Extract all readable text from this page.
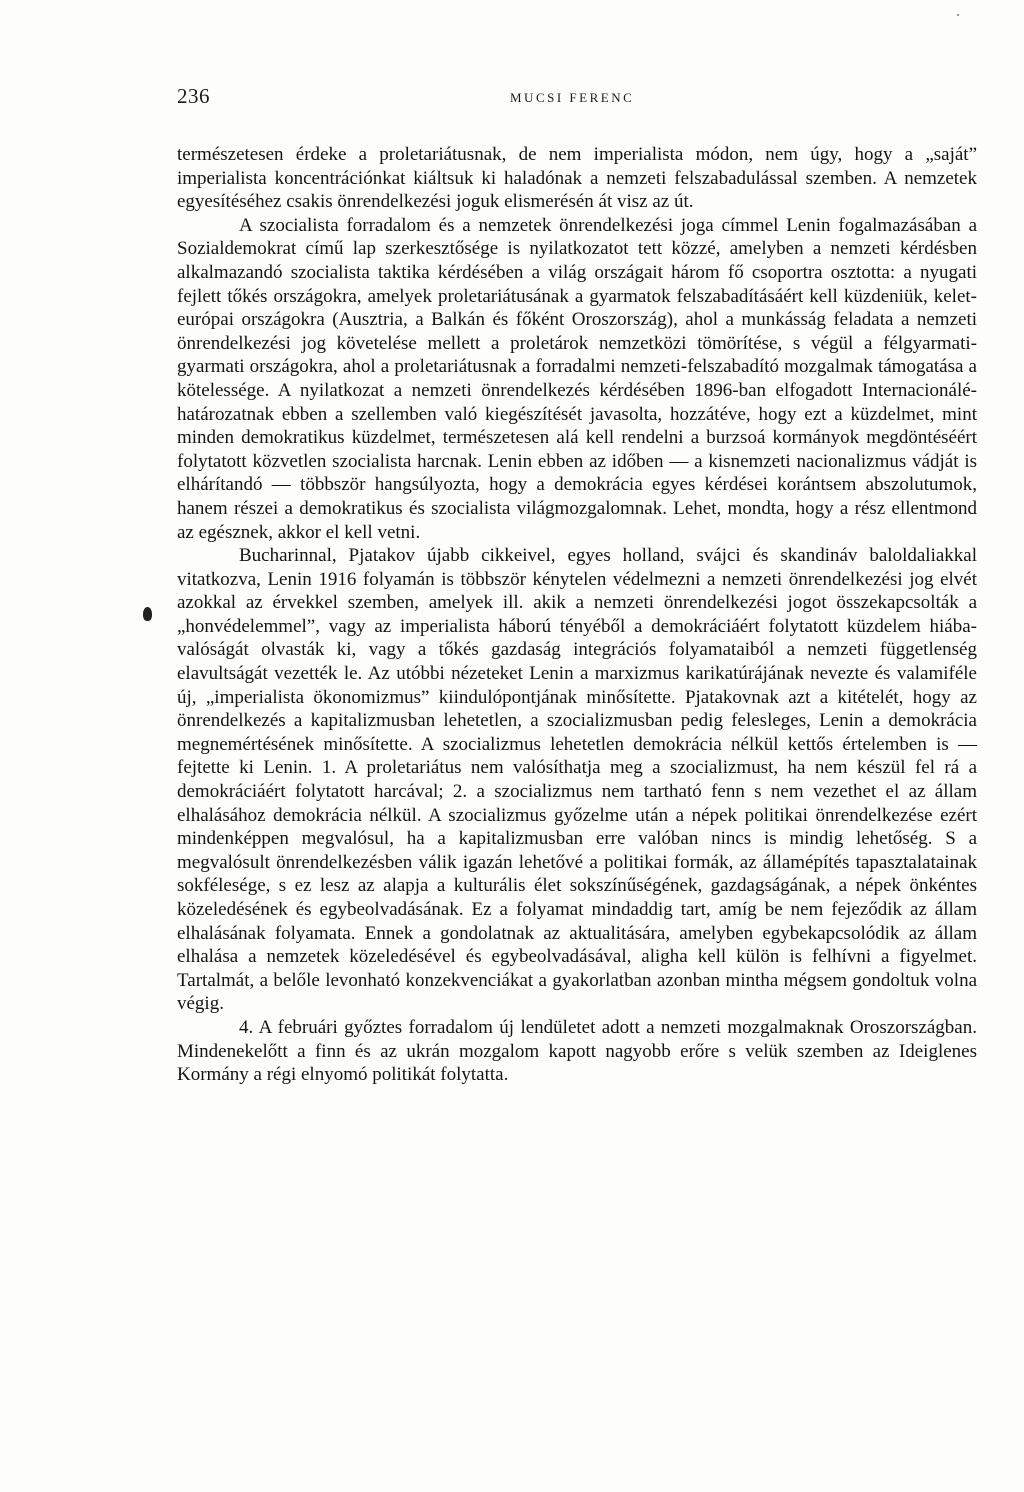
236	MUCSI FERENC

természetesen érdeke a proletariátusnak, de nem imperialista módon, nem úgy, hogy a „saját” imperialista koncentrációnkat kiáltsuk ki haladónak a nemzeti felszabadulással szemben. A nemzetek egyesítéséhez csakis önrendelkezési joguk elismerésén át visz az út.

A szocialista forradalom és a nemzetek önrendelkezési joga címmel Lenin fogalmazásában a Sozialdemokrat című lap szerkesztősége is nyilatkozatot tett közzé, amelyben a nemzeti kérdésben alkalmazandó szocialista taktika kérdésében a világ országait három fő csoportra osztotta: a nyugati fejlett tőkés országokra, amelyek proletariátusának a gyarmatok felszabadításáért kell küzdeniük, kelet-európai országokra (Ausztria, a Balkán és főként Oroszország), ahol a munkásság feladata a nemzeti önrendelkezési jog követelése mellett a proletárok nemzetközi tömörítése, s végül a félgyarmati-gyarmati országokra, ahol a proletariátusnak a forradalmi nemzeti-felszabadító mozgalmak támogatása a kötelessége. A nyilatkozat a nemzeti önrendelkezés kérdésében 1896-ban elfogadott Internacionálé-határozatnak ebben a szellemben való kiegészítését javasolta, hozzátéve, hogy ezt a küzdelmet, mint minden demokratikus küzdelmet, természetesen alá kell rendelni a burzsoá kormányok megdöntéséért folytatott közvetlen szocialista harcnak. Lenin ebben az időben — a kisnemzeti nacionalizmus vádját is elhárítandó — többször hangsúlyozta, hogy a demokrácia egyes kérdései korántsem abszolutumok, hanem részei a demokratikus és szocialista világmozgalomnak. Lehet, mondta, hogy a rész ellentmond az egésznek, akkor el kell vetni.

Bucharinnal, Pjatakov újabb cikkeivel, egyes holland, svájci és skandináv baloldaliakkal vitatkozva, Lenin 1916 folyamán is többször kénytelen védelmezni a nemzeti önrendelkezési jog elvét azokkal az érvekkel szemben, amelyek ill. akik a nemzeti önrendelkezési jogot összekapcsolták a „honvédelemmel”, vagy az imperialista háború tényéből a demokráciáért folytatott küzdelem hiábavalóságát olvasták ki, vagy a tőkés gazdaság integrációs folyamataiból a nemzeti függetlenség elavultságát vezették le. Az utóbbi nézeteket Lenin a marxizmus karikatúrájának nevezte és valamiféle új, „imperialista ökonomizmus” kiindulópontjának minősítette. Pjatakovnak azt a kitételét, hogy az önrendelkezés a kapitalizmusban lehetetlen, a szocializmusban pedig felesleges, Lenin a demokrácia megnemértésének minősítette. A szocializmus lehetetlen demokrácia nélkül kettős értelemben is — fejtette ki Lenin. 1. A proletariátus nem valósíthatja meg a szocializmust, ha nem készül fel rá a demokráciáért folytatott harcával; 2. a szocializmus nem tartható fenn s nem vezethet el az állam elhalásához demokrácia nélkül. A szocializmus győzelme után a népek politikai önrendelkezése ezért mindenképpen megvalósul, ha a kapitalizmusban erre valóban nincs is mindig lehetőség. S a megvalósult önrendelkezésben válik igazán lehetővé a politikai formák, az államépítés tapasztalatainak sokfélesége, s ez lesz az alapja a kulturális élet sokszínűségének, gazdagságának, a népek önkéntes közeledésének és egybeolvadásának. Ez a folyamat mindaddig tart, amíg be nem fejeződik az állam elhalásának folyamata. Ennek a gondolatnak az aktualitására, amelyben egybekapcsolódik az állam elhalása a nemzetek közeledésével és egybeolvadásával, aligha kell külön is felhívni a figyelmet. Tartalmát, a belőle levonható konzekvenciákat a gyakorlatban azonban mintha mégsem gondoltuk volna végig.

4. A februári győztes forradalom új lendületet adott a nemzeti mozgalmaknak Oroszországban. Mindenekelőtt a finn és az ukrán mozgalom kapott nagyobb erőre s velük szemben az Ideiglenes Kormány a régi elnyomó politikát folytatta.
